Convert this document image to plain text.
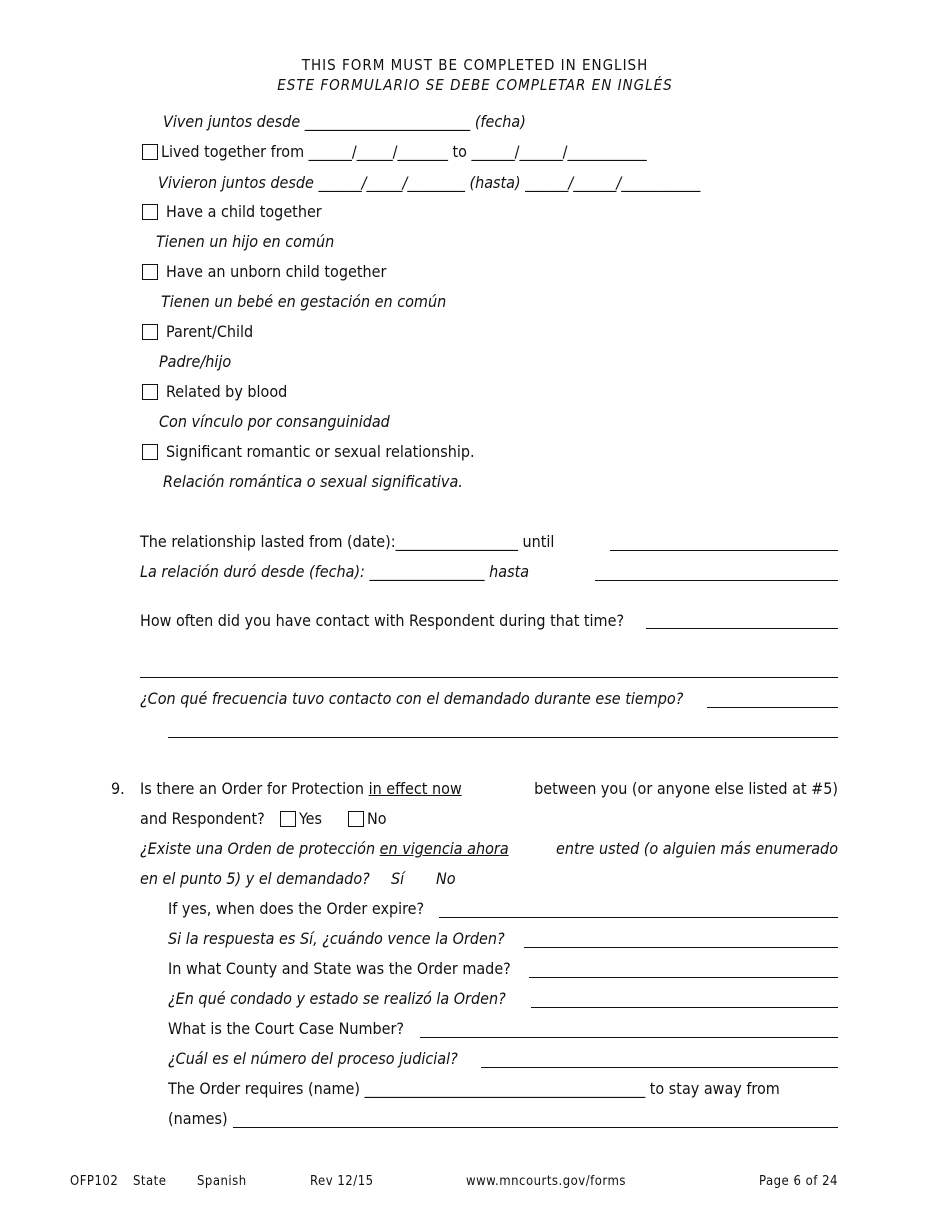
THIS FORM MUST BE COMPLETED IN ENGLISH
ESTE FORMULARIO SE DEBE COMPLETAR EN INGLÉS
Viven juntos desde _______________________ (fecha)
Lived together from ______/_____/_______ to ______/______/___________
Vivieron juntos desde ______/_____/________ (hasta) ______/______/___________
Have a child together
Tienen un hijo en común
Have an unborn child together
Tienen un bebé en gestación en común
Parent/Child
Padre/hijo
Related by blood
Con vínculo por consanguinidad
Significant romantic or sexual relationship.
Relación romántica o sexual significativa.
The relationship lasted from (date):_________________ until
La relación duró desde (fecha): ________________ hasta
How often did you have contact with Respondent during that time?
¿Con qué frecuencia tuvo contacto con el demandado durante ese tiempo?
9. Is there an Order for Protection in effect now	between you (or anyone else listed at #5)
and Respondent? Yes	No
¿Existe una Orden de protección en vigencia ahora	entre usted (o alguien más enumerado
en el punto 5) y el demandado? Sí No
If yes, when does the Order expire?
Si la respuesta es Sí, ¿cuándo vence la Orden?
In what County and State was the Order made?
¿En qué condado y estado se realizó la Orden?
What is the Court Case Number?
¿Cuál es el número del proceso judicial?
The Order requires (name) _______________________________________ to stay away from
(names)
OFP102 State Spanish	Rev 12/15	www.mncourts.gov/forms	Page 6 of 24
